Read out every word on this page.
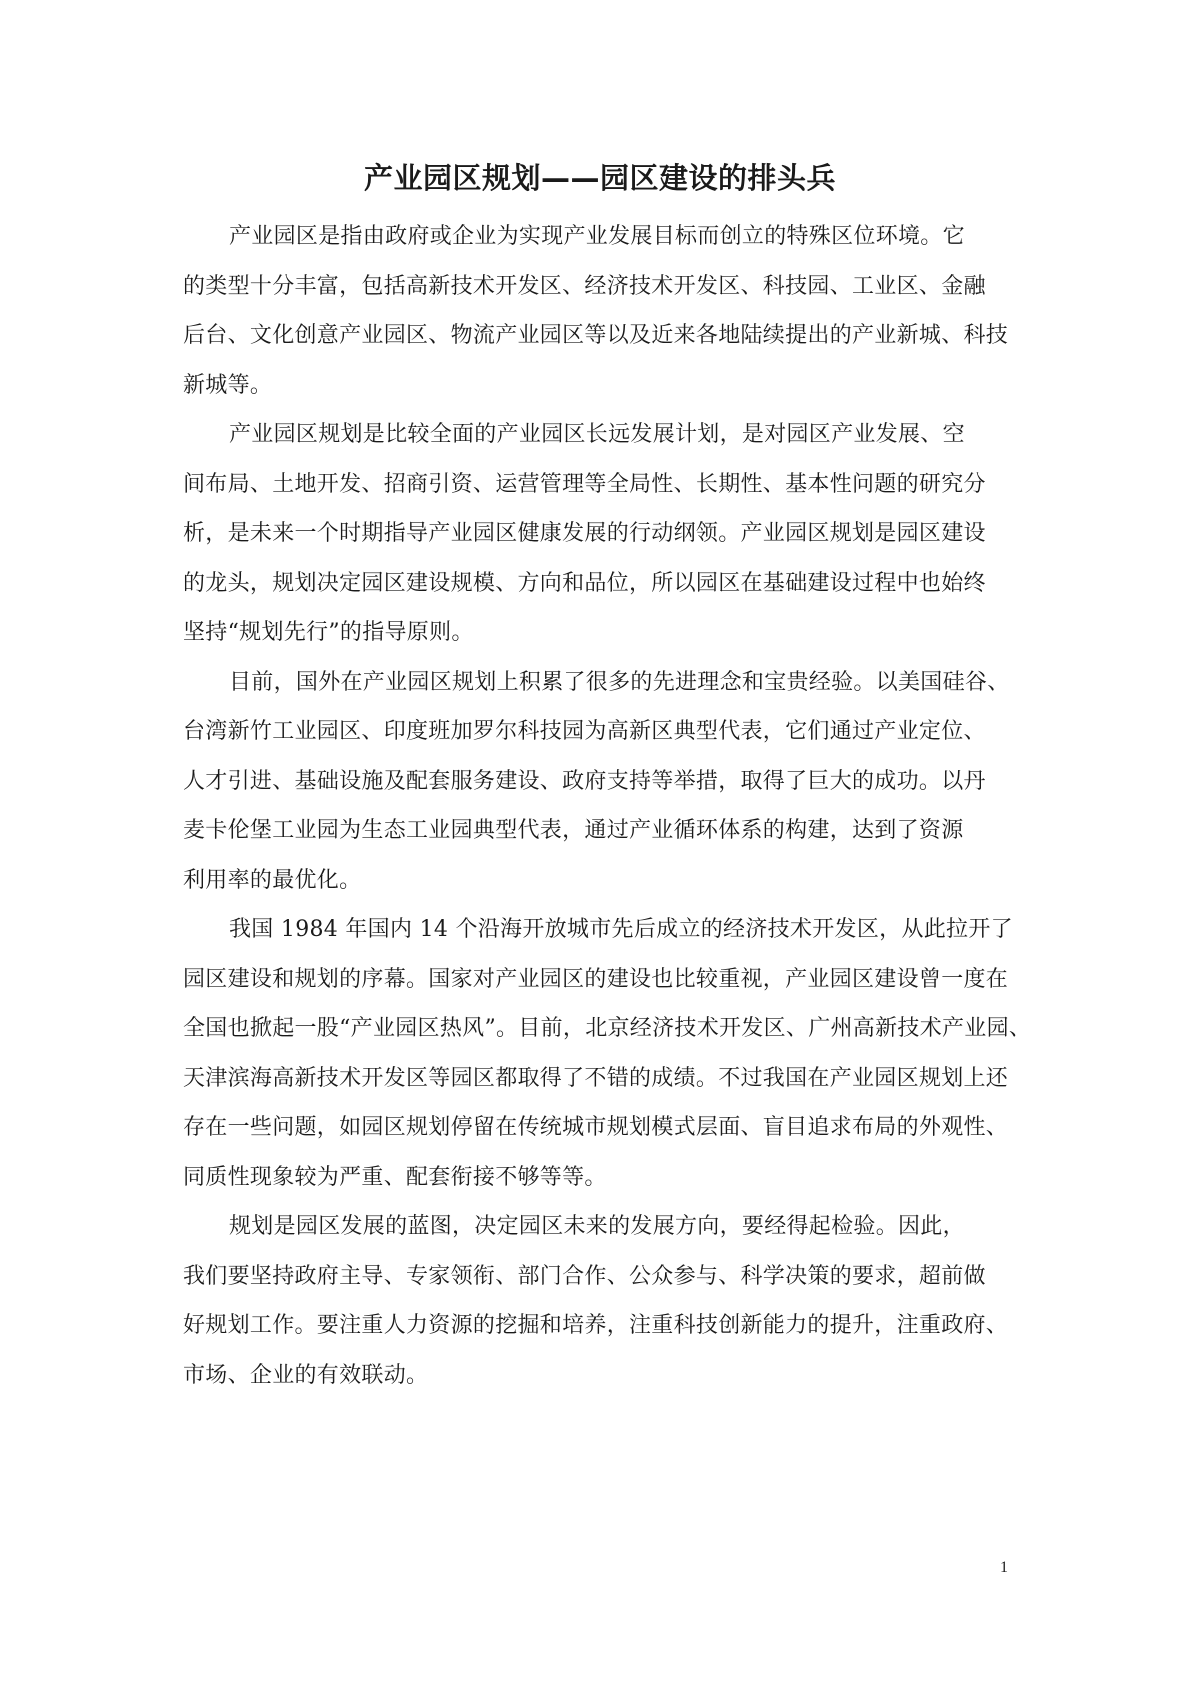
产业园区规划——园区建设的排头兵

产业园区是指由政府或企业为实现产业发展目标而创立的特殊区位环境。它
的类型十分丰富，包括高新技术开发区、经济技术开发区、科技园、工业区、金融
后台、文化创意产业园区、物流产业园区等以及近来各地陆续提出的产业新城、科技
新城等。

产业园区规划是比较全面的产业园区长远发展计划，是对园区产业发展、空
间布局、土地开发、招商引资、运营管理等全局性、长期性、基本性问题的研究分
析，是未来一个时期指导产业园区健康发展的行动纲领。产业园区规划是园区建设
的龙头，规划决定园区建设规模、方向和品位，所以园区在基础建设过程中也始终
坚持“规划先行”的指导原则。

目前，国外在产业园区规划上积累了很多的先进理念和宝贵经验。以美国硅谷、
台湾新竹工业园区、印度班加罗尔科技园为高新区典型代表，它们通过产业定位、
人才引进、基础设施及配套服务建设、政府支持等举措，取得了巨大的成功。以丹
麦卡伦堡工业园为生态工业园典型代表，通过产业循环体系的构建，达到了资源
利用率的最优化。

我国 1984 年国内 14 个沿海开放城市先后成立的经济技术开发区，从此拉开了
园区建设和规划的序幕。国家对产业园区的建设也比较重视，产业园区建设曾一度在
全国也掀起一股“产业园区热风”。目前，北京经济技术开发区、广州高新技术产业园、
天津滨海高新技术开发区等园区都取得了不错的成绩。不过我国在产业园区规划上还
存在一些问题，如园区规划停留在传统城市规划模式层面、盲目追求布局的外观性、
同质性现象较为严重、配套衔接不够等等。

规划是园区发展的蓝图，决定园区未来的发展方向，要经得起检验。因此，
我们要坚持政府主导、专家领衔、部门合作、公众参与、科学决策的要求，超前做
好规划工作。要注重人力资源的挖掘和培养，注重科技创新能力的提升，注重政府、
市场、企业的有效联动。

1
